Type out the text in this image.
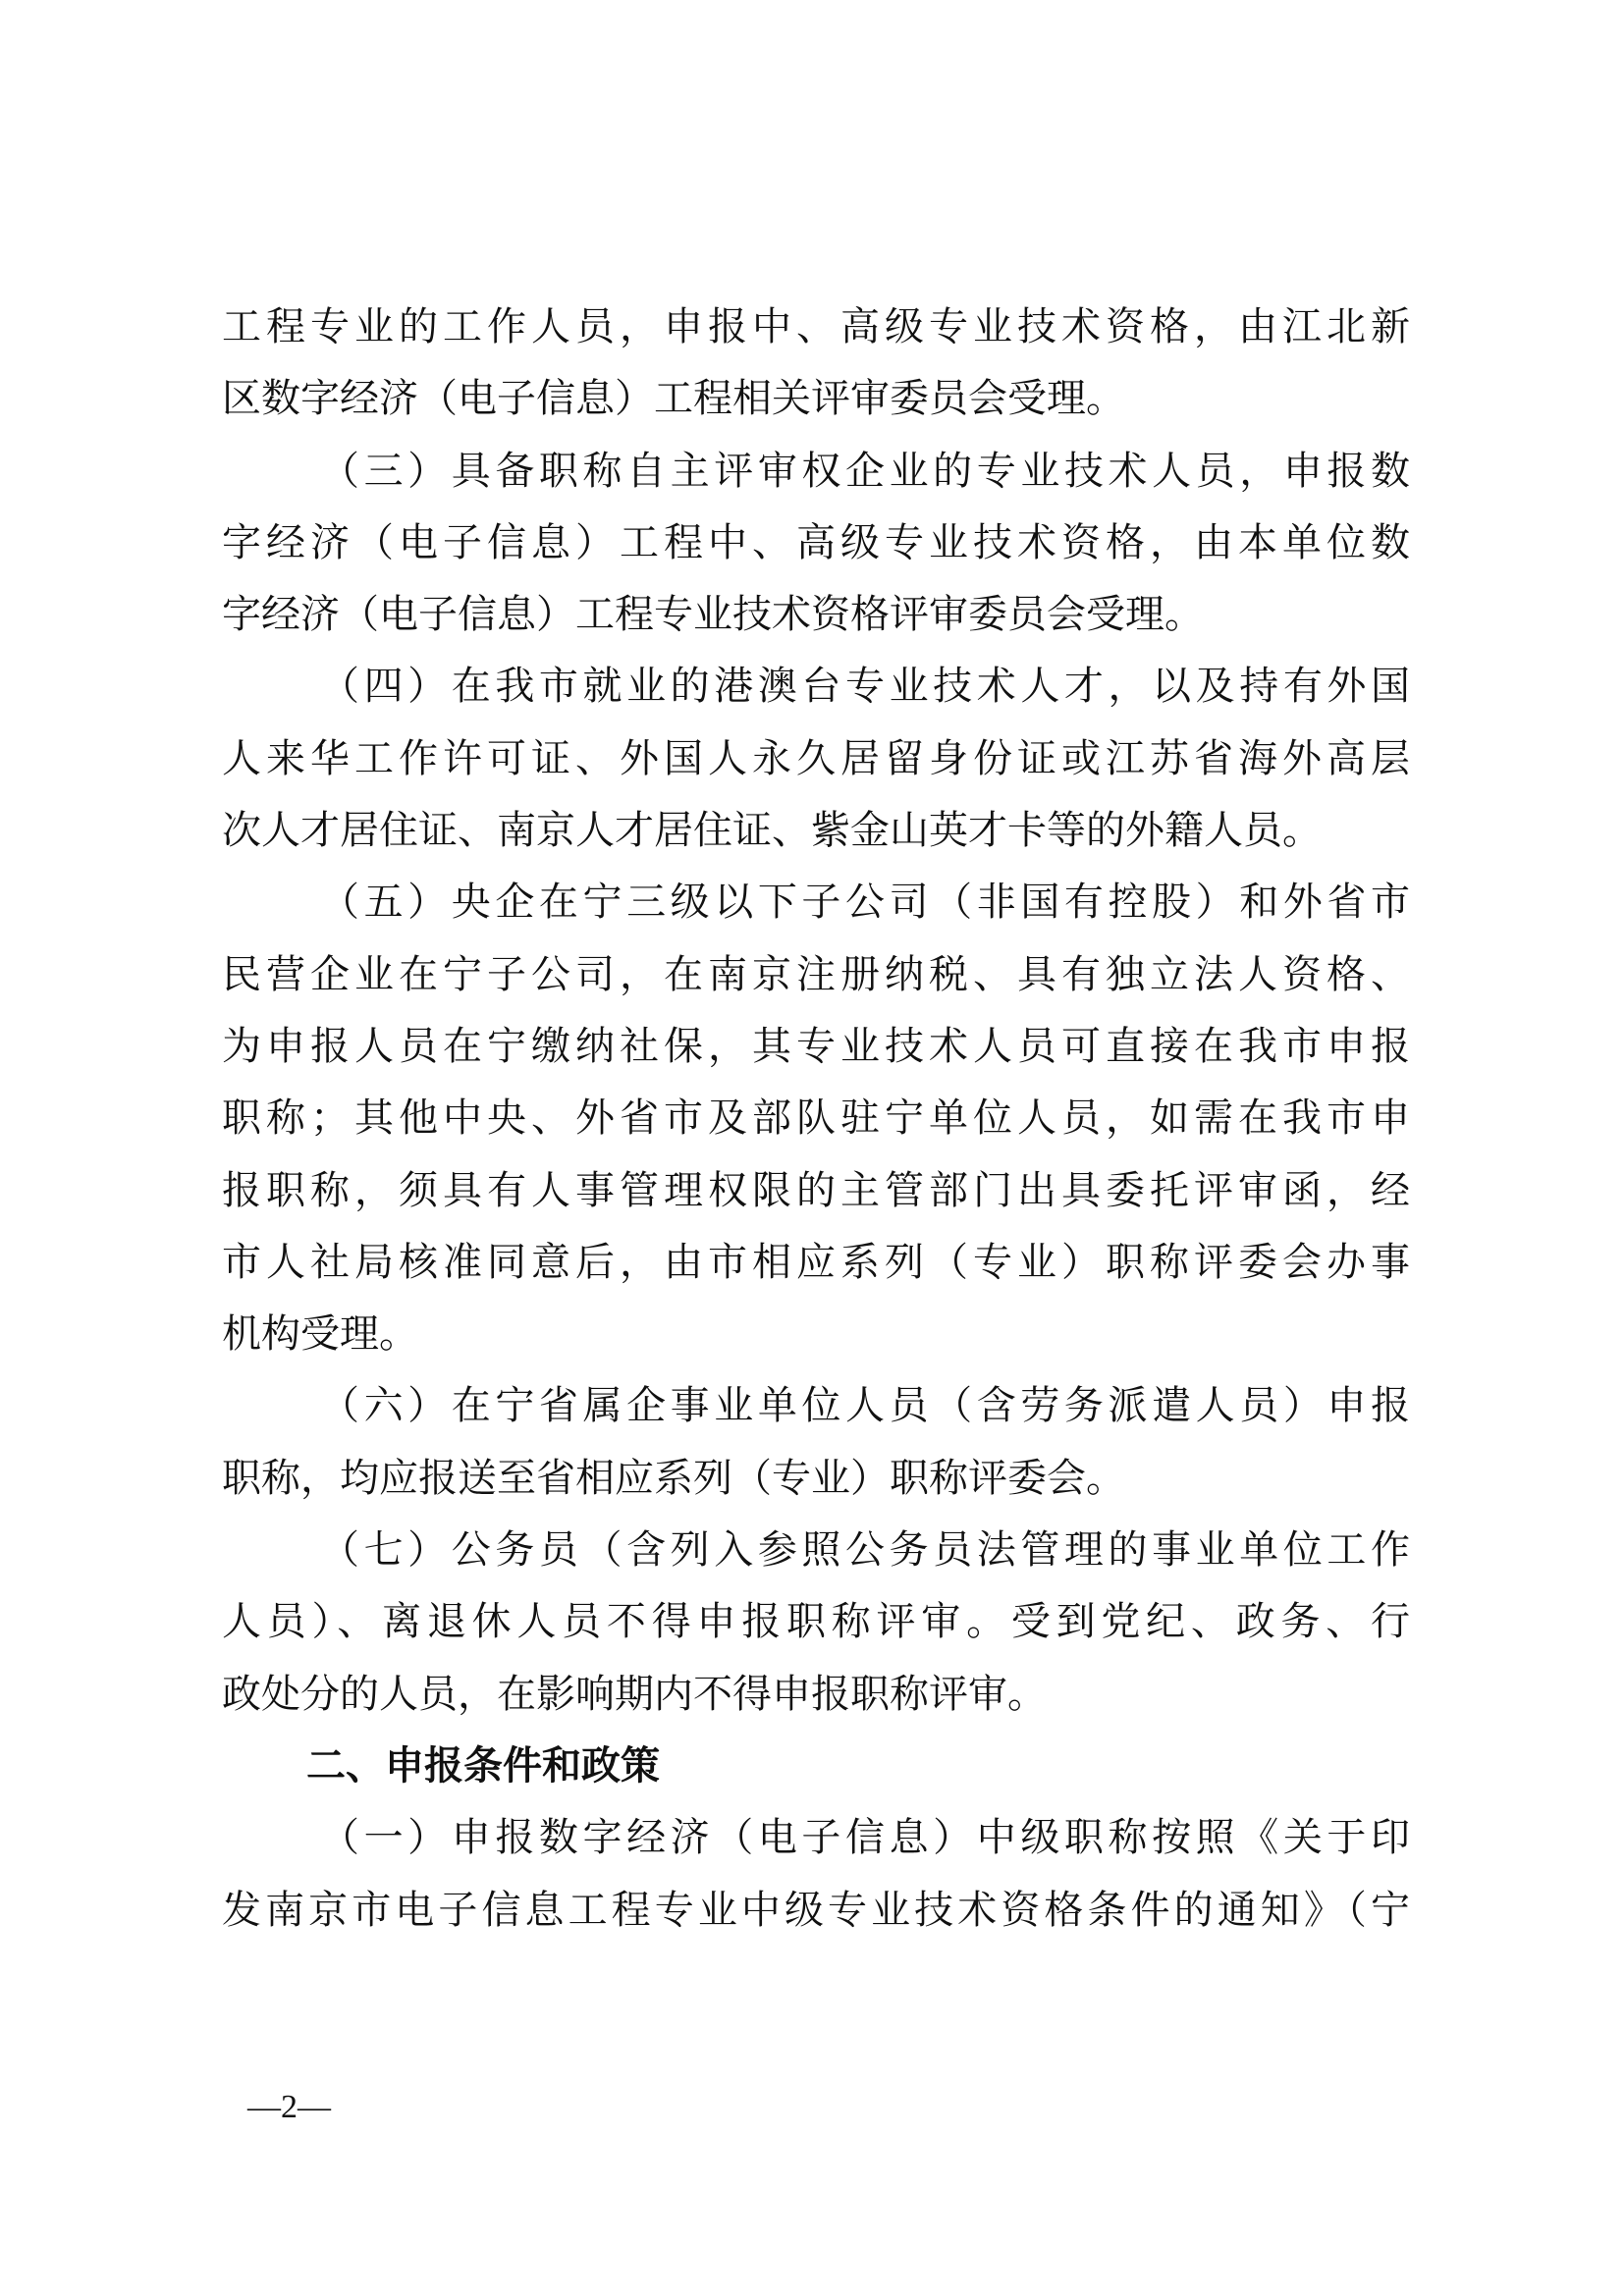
工程专业的工作人员，申报中、高级专业技术资格，由江北新
区数字经济（电子信息）工程相关评审委员会受理。
（三）具备职称自主评审权企业的专业技术人员，申报数
字经济（电子信息）工程中、高级专业技术资格，由本单位数
字经济（电子信息）工程专业技术资格评审委员会受理。
（四）在我市就业的港澳台专业技术人才，以及持有外国
人来华工作许可证、外国人永久居留身份证或江苏省海外高层
次人才居住证、南京人才居住证、紫金山英才卡等的外籍人员。
（五）央企在宁三级以下子公司（非国有控股）和外省市
民营企业在宁子公司，在南京注册纳税、具有独立法人资格、
为申报人员在宁缴纳社保，其专业技术人员可直接在我市申报
职称；其他中央、外省市及部队驻宁单位人员，如需在我市申
报职称，须具有人事管理权限的主管部门出具委托评审函，经
市人社局核准同意后，由市相应系列（专业）职称评委会办事
机构受理。
（六）在宁省属企事业单位人员（含劳务派遣人员）申报
职称，均应报送至省相应系列（专业）职称评委会。
（七）公务员（含列入参照公务员法管理的事业单位工作
人员）、离退休人员不得申报职称评审。受到党纪、政务、行
政处分的人员，在影响期内不得申报职称评审。
二、申报条件和政策
（一）申报数字经济（电子信息）中级职称按照《关于印
发南京市电子信息工程专业中级专业技术资格条件的通知》（宁
—2—
